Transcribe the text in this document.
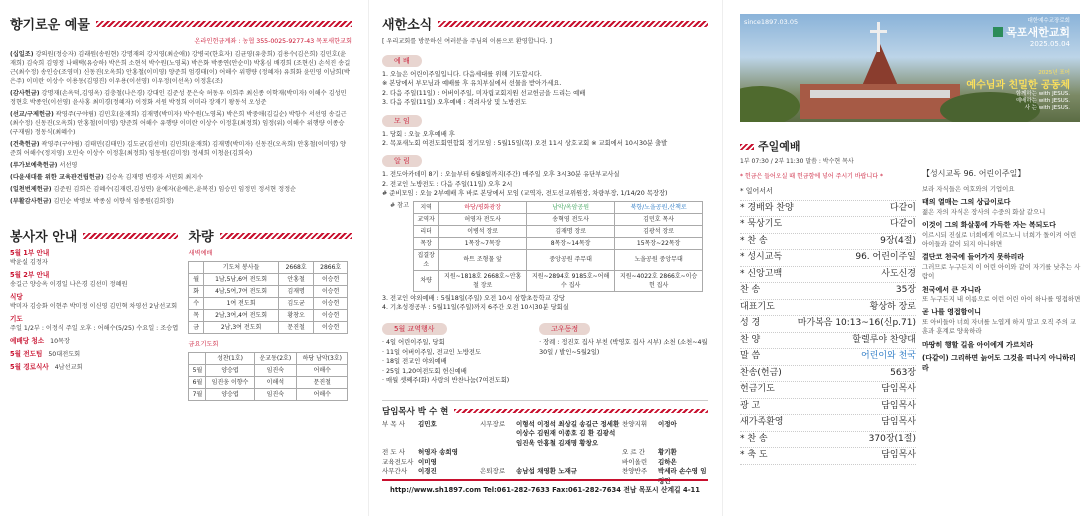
향기로운 예물
온라인헌금계좌 : 농협 355-0025-9277-43 목포새한교회

(십일조) 강의원(정승자) 김래원(송원현) 강명재의 강지영(최순애)) 강병국(한효자) 김균영(유충희) 김용수(김은희) 김민호(윤재희) 김숙희 김영정 나해택(유승하) 박은희 소현석 박수원(노영록) 박은화 박종연(안순미) 박홍심 배경희 (조현신) 손석진 송길근(최수정) 송인승(조영미) 신동진(오옥희) 안홍철(이미영) 양준희 엄경태(이) 어해수 위행량 (정혜자) 유희화 윤민영 이남희(박은주) 이미란 이상수 이용동(김영진) 이우용(이선영) 이우정(이선옥) 이정훈(조)

(감사헌금) 강명재(손옥덕,김영옥) 김충철(나은경) 강대인 김준성 문은숙 허동우 이희주 최신종 이학재(박미자) 이해수 김성민 정현호 박종인(이선영) 윤사홍 최미경(정혜자) 이정화 서원 박정희 이미라 장재기 왕동석 오성준

(선교/구제헌금) 곽영주(구야림) 김민호(윤재희) 김재명(박미자) 박수원(노영록) 박은희 박중애(김길순) 박항수 서선영 송길근(최수정) 신동진(오옥희) 안홍철(이미영) 양준희 어해수 유행량 이미란 이상수 이정훈(최정희) 임정(위) 이해수 위행량 이종승(구재림) 정동식(최혜수)

(건축헌금) 곽영주(구야림) 김태민(김태민) 김도균(김선미) 김민희(윤재희) 김재명(박미자) 신동진(오옥희) 안홍철(이미영) 양준희 어해수(정지영) 오민숙 이상수 이정훈(최정희) 임동원(김미정) 정세희 이청윤(김희숙)

(루가보예축헌금) 서선영

(다윤새대를 위한 교육관건립헌금) 김승옥 김재명 변경자 서민회 최지수

(일천번제헌금) 김준원 김희은 김혜수(김재련,김성연) 윤예자(윤예은,윤복진) 임승민 임정민 정서현 정정순

(부활감사헌금) 김민순 박명보 박종심 이향석 임종원(김희정)

봉사자 안내
5월 1부 안내
박윤실 김정자
5월 2부 안내
송길근 양승옥 이경일 나은경 김선미 정혜원
식당
박미자 김승화 이현주 박미정 이신영 김민혁 차영선 2남선교회
기도
주일 1/2부 : 이정식 주일 오후 : 어해수(5/25) 수요일 : 조승엽
예배당 청소 10목장
5월 전도팀 50대전도회
5월 경로식사 4남선교회
차량
새벽예배
	기도처 봉사들	2668호	2866호
월	1남,5남,6여 전도회	안홍철	이승헌
화	4남,5여,7여 전도회	김재명	이승헌
수	1여 전도회	김도균	이승헌
목	2남,3여,4여 전도회	황창오	이승헌
금	2남,3여 전도회	문진철	이승헌
금요기도회
	성찬(1호)	운교동(2호)	하당 남악(3호)
5월	양승엽	임진숙	어해수
6월	임진웅 이향수	이해석	문진철
7월	양승엽	임진숙	어해수
새한소식
[ 우리교회를 방문하신 여러분을 주님의 이름으로 환영합니다. ]
예 배

1. 오늘은 어린이주일입니다. 다음세대를 위해 기도합시다.

※ 본당에서 부모님과 예배를 후 유치부실에서 선물을 받아가세요.

2. 다음 주일(11일) : 어버이주일, 미자립교회지원 선교헌금을 드리는 예배

3. 다음 주일(11일) 오후예배 : 격려사상 및 노방전도

모 임

1. 당회 : 오늘 오후예배 후

2. 목포새노회 여전도회연합회 정기모임 : 5월15일(목) 오전 11시 상호교회 ※ 교회에서 10시30분 출발

알 림

1. 전도아카데미 8기 : 오늘부터 6월8일까지(주간) 매주일 오후 3시30분 유단부교사실

2. 전교인 노방전도 : 다음 주일(11일) 오후 2시

# 준비모임 : 오늘 2부예배 후 바로 본당에서 모임 (교역자, 전도선교위원장, 차량부장, 1/14/20 목장장)

# 참고 지역	하당/평화광장	남악/옥암공원	북항/노을공원,산책로
교역자	허영자 전도사	송혁영 전도사	김민호 목사
리더	이병석 장로	김재명 장로	김광석 장로
목장	1목장~7목장	8목장~14목장	15목장~22목장
집결장소	하트 조형물 앞	중앙공원 주무대	노을공원 중앙무대
차량	지원~1818호 2668호~안홍철 장로	지원~2894호 9185호~어해수 집사	지원~4022호 2866호~이승헌 집사

3. 전교인 야외예배 : 5월18일(주일) 오전 10시 삼향초등학교 강당

4. 기초성경공부 : 5월11일(주일)까지 6주간 오전 10시30분 당회실

5월 교역행사

· 4일 어린이주일, 당회

· 11일 어버이주일, 전교인 노방전도

· 18일 전교인 야외예배

· 25일 1,20여전도회 헌신예배

· 매월 셋째주(화) 사랑의 반찬나눔(7여전도회)

고우동정

· 장례 : 정진호 집사 부친 (박영호 집사 시부) 소천 (소천~4월30일 / 발인~5월2일)

담임목사 박 수 현
부 목 사	김민호	시무장로	이형석 이정석 최상길 송길근 정세환 이상수 김원재 이종호 김 환 김광석 임진욱 안홍철 김재명 황창오
찬양지휘	이정아
전 도 사	허영자 송희영	오 르 간	황기환
교육전도사 이미영	바이올린	김하은
사무간사	이경진	은퇴장로	송남섭 채영환 노재규	찬양반주	박세라 손수영 임정민
http://www.sh1897.com Tel:061-282-7633 Fax:061-282-7634 전남 목포시 산계길 4-11
since1897.03.05	대한예수교장로회
목포새한교회
2025.05.04
2025년 표어
예수님과 친밀한 공동체
함께하는 with JESUS.
예배하는 with JESUS.
사 는 with JESUS.
주일예배
1부 07:30 / 2부 11:30 말씀 : 박수현 목사
* 헌금은 들어오실 때 헌금함에 넣어 주시기 바랍니다 *
* 일어서서
* 경배와 찬양	다같이
* 묵상기도	다같이
* 찬 송	9장(4절)
* 성시교독	96. 어린이주일
* 신앙고백	사도신경
찬 송	35장
대표기도	황상하 장로
성 경	마가복음 10:13~16(신p.71)
찬 양	할렐루야 찬양대
말 씀	어린이와 천국
찬송(헌금)	563장
헌금기도	담임목사
광 고	담임목사
새가족환영	담임목사
* 찬 송	370장(1절)
* 축 도	담임목사
【성시교독 96. 어린이주일】

보라 자식들은 여호와의 기업이요

태의 열매는 그의 상급이로다
젊은 자의 자식은 장사의 수중의 화살 같으니

이것이 그의 화살통에 가득한 자는 복되도다
이르시되 진실로 너희에게 이르노니 너희가 돌이켜 어린 아이들과 같이 되지 아니하면

결단코 천국에 들어가지 못하리라
그러므로 누구든지 이 어린 아이와 같이 자기를 낮추는 사람이

천국에서 큰 자니라
또 누구든지 내 이름으로 이런 어린 아이 하나를 영접하면

곧 나를 영접함이니
또 아비들아 너희 자녀를 노엽게 하지 말고 오직 주의 교훈과 훈계로 양육하라

마땅히 행할 길을 아이에게 가르치라

(다같이) 그리하면 늙어도 그것을 떠나지 아니하리라
